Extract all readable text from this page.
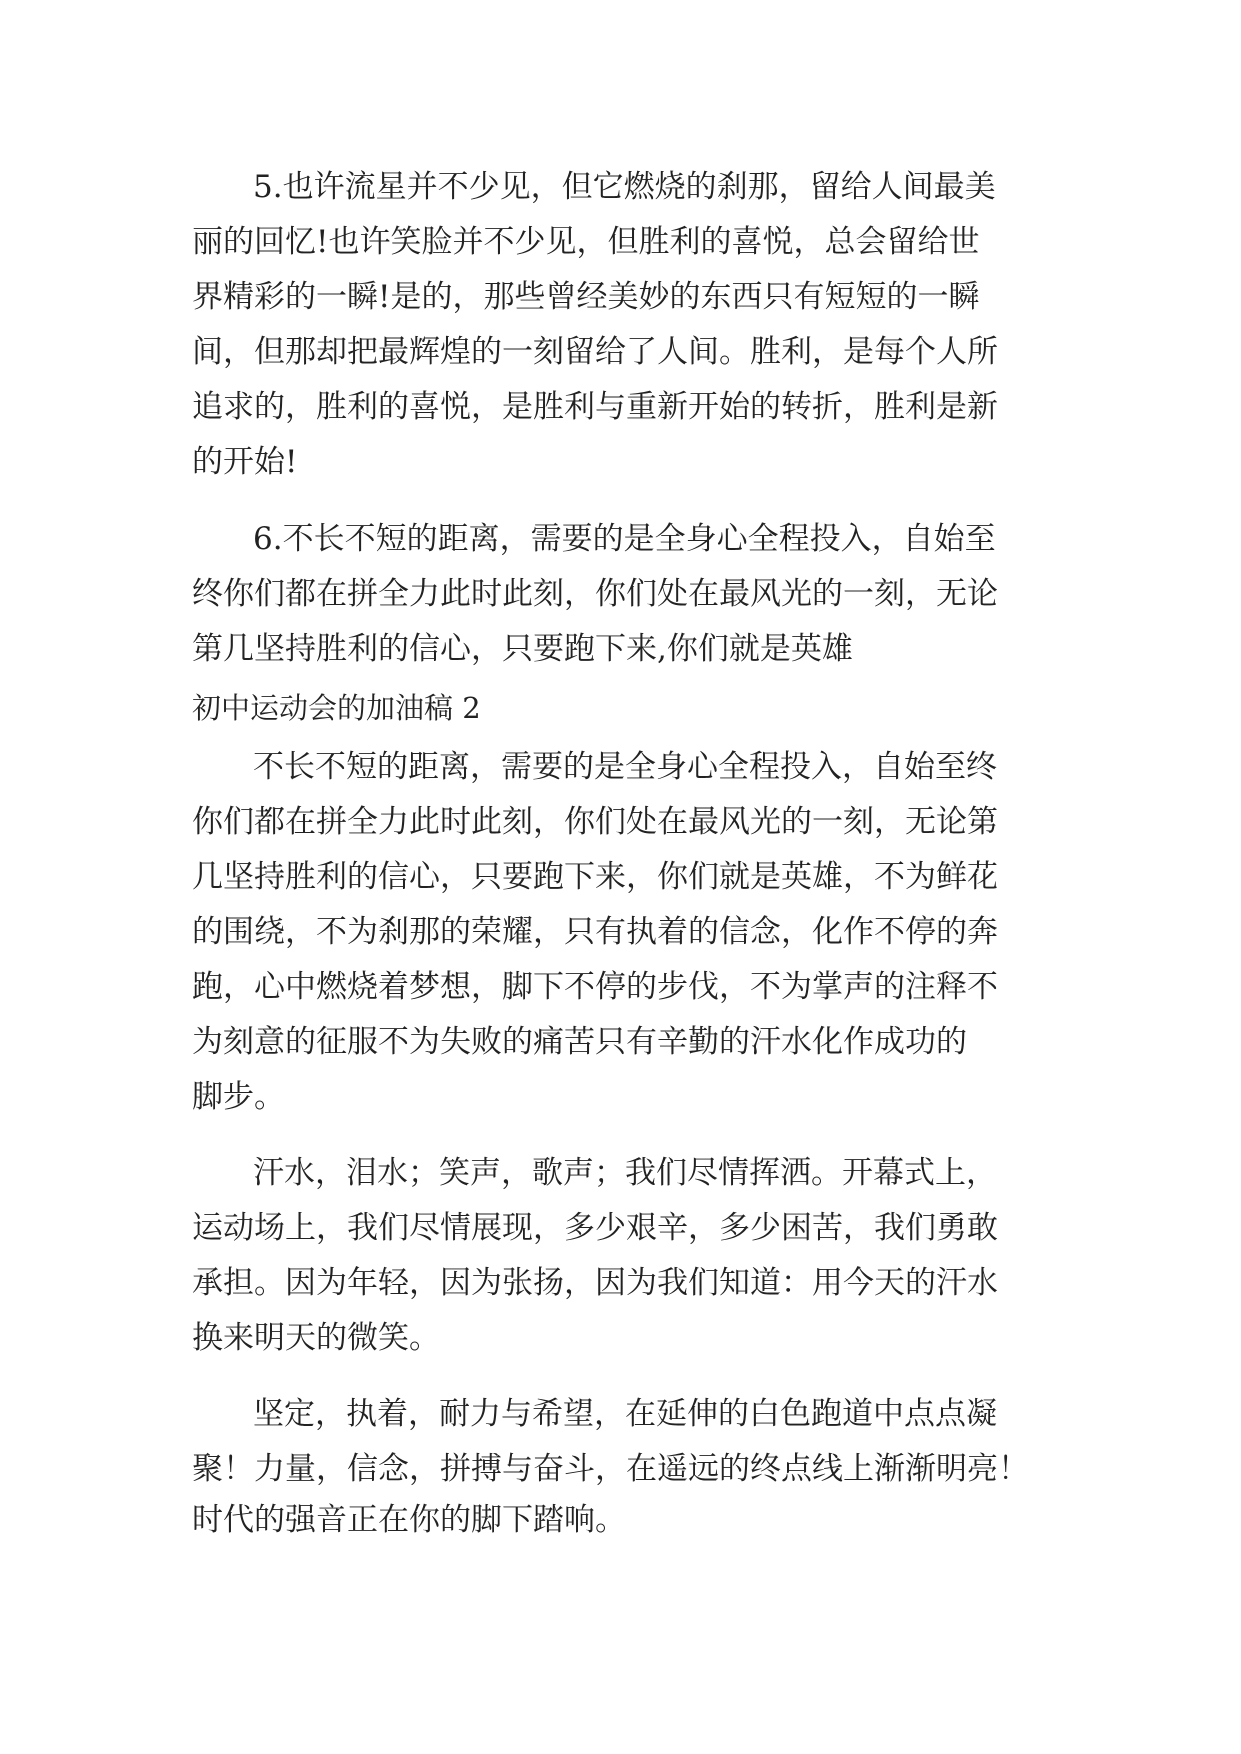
5.也许流星并不少见，但它燃烧的刹那，留给人间最美
丽的回忆!也许笑脸并不少见，但胜利的喜悦，总会留给世
界精彩的一瞬!是的，那些曾经美妙的东西只有短短的一瞬
间，但那却把最辉煌的一刻留给了人间。胜利，是每个人所
追求的，胜利的喜悦，是胜利与重新开始的转折，胜利是新
的开始!
6.不长不短的距离，需要的是全身心全程投入，自始至
终你们都在拼全力此时此刻，你们处在最风光的一刻，无论
第几坚持胜利的信心，只要跑下来,你们就是英雄
初中运动会的加油稿 2
不长不短的距离，需要的是全身心全程投入，自始至终
你们都在拼全力此时此刻，你们处在最风光的一刻，无论第
几坚持胜利的信心，只要跑下来，你们就是英雄，不为鲜花
的围绕，不为刹那的荣耀，只有执着的信念，化作不停的奔
跑，心中燃烧着梦想，脚下不停的步伐，不为掌声的注释不
为刻意的征服不为失败的痛苦只有辛勤的汗水化作成功的
脚步。
汗水，泪水；笑声，歌声；我们尽情挥洒。开幕式上，
运动场上，我们尽情展现，多少艰辛，多少困苦，我们勇敢
承担。因为年轻，因为张扬，因为我们知道：用今天的汗水
换来明天的微笑。
坚定，执着，耐力与希望，在延伸的白色跑道中点点凝
聚！力量，信念，拼搏与奋斗，在遥远的终点线上渐渐明亮！
时代的强音正在你的脚下踏响。
